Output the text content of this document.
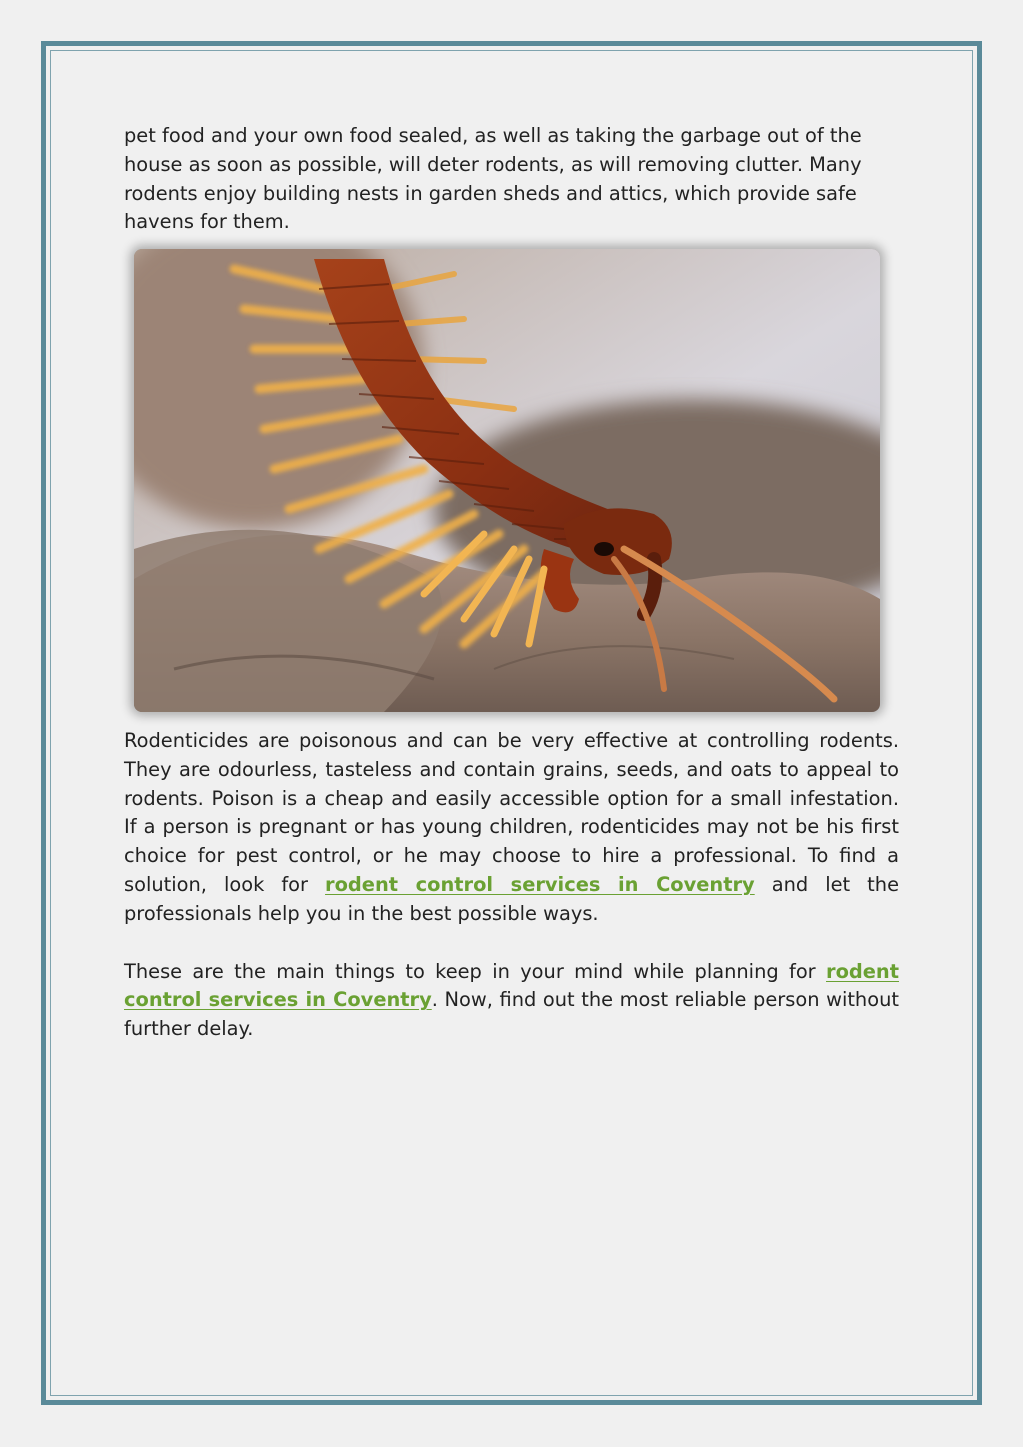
pet food and your own food sealed, as well as taking the garbage out of the house as soon as possible, will deter rodents, as will removing clutter. Many rodents enjoy building nests in garden sheds and attics, which provide safe havens for them.

Rodenticides are poisonous and can be very effective at controlling rodents. They are odourless, tasteless and contain grains, seeds, and oats to appeal to rodents. Poison is a cheap and easily accessible option for a small infestation. If a person is pregnant or has young children, rodenticides may not be his first choice for pest control, or he may choose to hire a professional. To find a solution, look for rodent control services in Coventry and let the professionals help you in the best possible ways.

These are the main things to keep in your mind while planning for rodent control services in Coventry. Now, find out the most reliable person without further delay.
